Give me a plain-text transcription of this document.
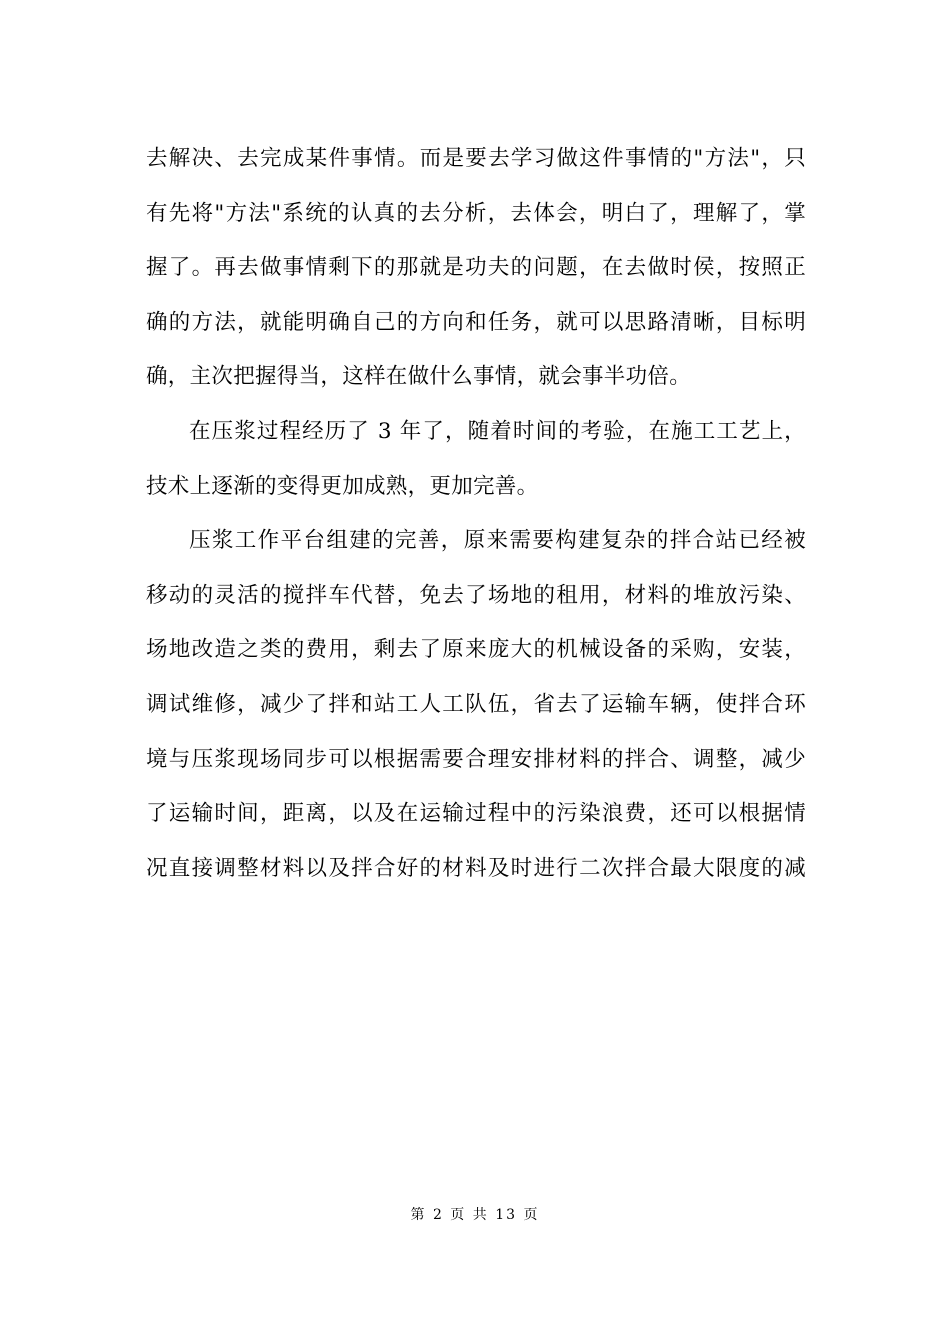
去解决、去完成某件事情。而是要去学习做这件事情的"方法"，只
有先将"方法"系统的认真的去分析，去体会，明白了，理解了，掌
握了。再去做事情剩下的那就是功夫的问题，在去做时侯，按照正
确的方法，就能明确自己的方向和任务，就可以思路清晰，目标明
确，主次把握得当，这样在做什么事情，就会事半功倍。
在压浆过程经历了 3 年了，随着时间的考验，在施工工艺上，
技术上逐渐的变得更加成熟，更加完善。
压浆工作平台组建的完善，原来需要构建复杂的拌合站已经被
移动的灵活的搅拌车代替，免去了场地的租用，材料的堆放污染、
场地改造之类的费用，剩去了原来庞大的机械设备的采购，安装，
调试维修，减少了拌和站工人工队伍，省去了运输车辆，使拌合环
境与压浆现场同步可以根据需要合理安排材料的拌合、调整，减少
了运输时间，距离，以及在运输过程中的污染浪费，还可以根据情
况直接调整材料以及拌合好的材料及时进行二次拌合最大限度的减
第 2 页 共 13 页
